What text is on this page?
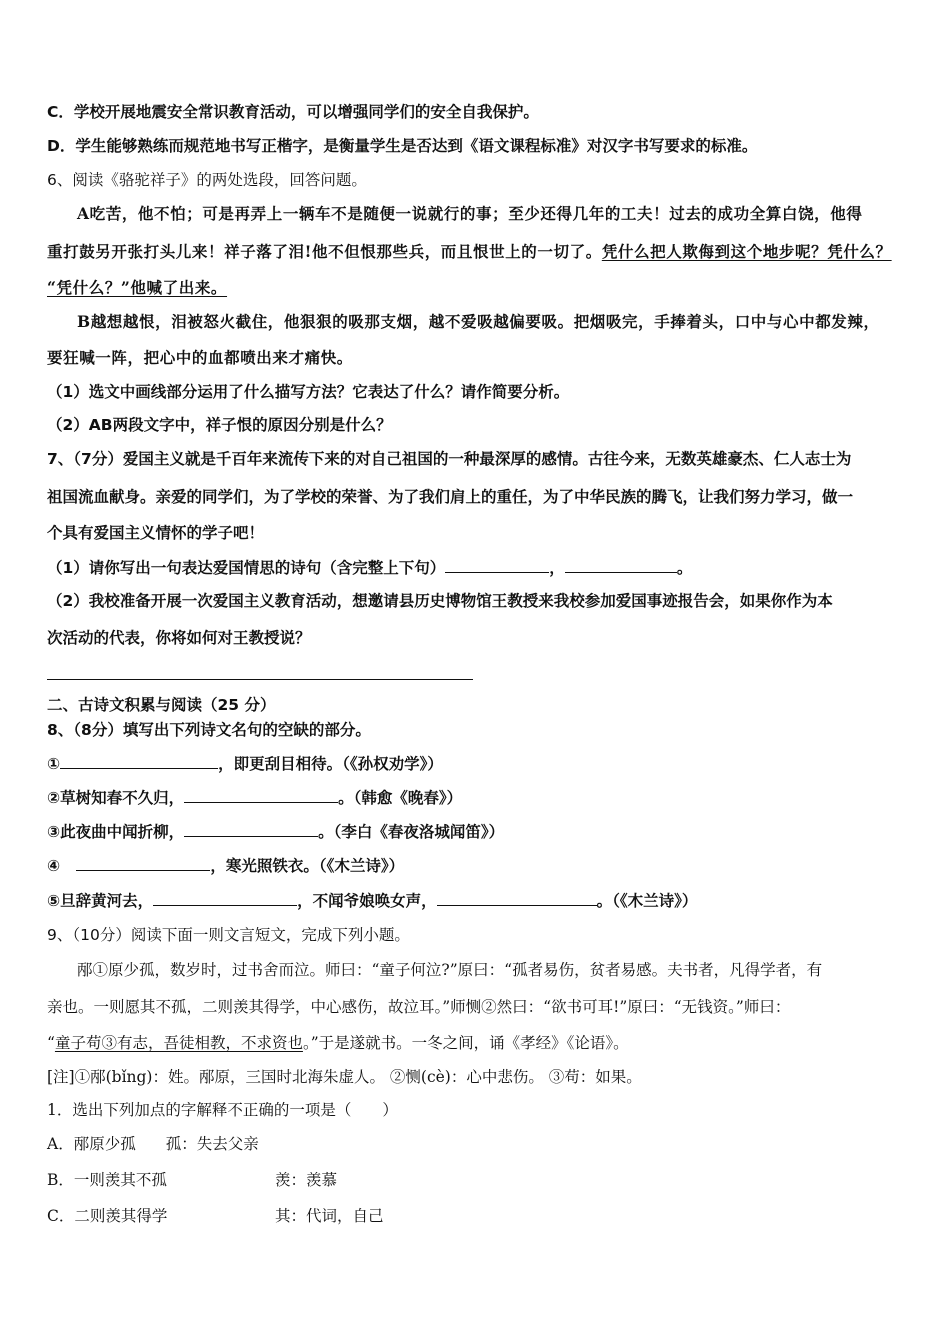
C．学校开展地震安全常识教育活动，可以增强同学们的安全自我保护。
D．学生能够熟练而规范地书写正楷字，是衡量学生是否达到《语文课程标准》对汉字书写要求的标准。
6、阅读《骆驼祥子》的两处选段，回答问题。
A吃苦，他不怕；可是再弄上一辆车不是随便一说就行的事；至少还得几年的工夫！过去的成功全算白饶，他得
重打鼓另开张打头儿来！祥子落了泪!他不但恨那些兵，而且恨世上的一切了。凭什么把人欺侮到这个地步呢？凭什么？
“凭什么？”他喊了出来。
B越想越恨，泪被怒火截住，他狠狠的吸那支烟，越不爱吸越偏要吸。把烟吸完，手捧着头，口中与心中都发辣，
要狂喊一阵，把心中的血都喷出来才痛快。
（1）选文中画线部分运用了什么描写方法？它表达了什么？请作简要分析。
（2）AB两段文字中，祥子恨的原因分别是什么？
7、（7分）爱国主义就是千百年来流传下来的对自己祖国的一种最深厚的感情。古往今来，无数英雄豪杰、仁人志士为
祖国流血献身。亲爱的同学们，为了学校的荣誉、为了我们肩上的重任，为了中华民族的腾飞，让我们努力学习，做一
个具有爱国主义情怀的学子吧！
（1）请你写出一句表达爱国情思的诗句（含完整上下句）	，	。
（2）我校准备开展一次爱国主义教育活动，想邀请县历史博物馆王教授来我校参加爱国事迹报告会，如果你作为本
次活动的代表，你将如何对王教授说？
二、古诗文积累与阅读（25 分）
8、（8分）填写出下列诗文名句的空缺的部分。
①	，即更刮目相待。（《孙权劝学》）
②草树知春不久归，	。（韩愈《晚春》）
③此夜曲中闻折柳，	。（李白《春夜洛城闻笛》）
④	，寒光照铁衣。（《木兰诗》）
⑤旦辞黄河去，	，不闻爷娘唤女声，	。（《木兰诗》）
9、（10分）阅读下面一则文言短文，完成下列小题。
邴①原少孤，数岁时，过书舍而泣。师曰：“童子何泣?”原曰：“孤者易伤，贫者易感。夫书者，凡得学者，有
亲也。一则愿其不孤，二则羡其得学，中心感伤，故泣耳。”师恻②然曰：“欲书可耳!”原曰：“无钱资。”师曰：
“童子苟③有志，吾徒相教，不求资也。”于是遂就书。一冬之间，诵《孝经》《论语》。
[注]①邴(bǐng)：姓。邴原，三国时北海朱虚人。 ②恻(cè)：心中悲伤。 ③苟：如果。
1．选出下列加点的字解释不正确的一项是（　　）
A．邴原少孤 孤：失去父亲
B．一则羡其不孤	羡：羡慕
C．二则羡其得学	其：代词，自己
